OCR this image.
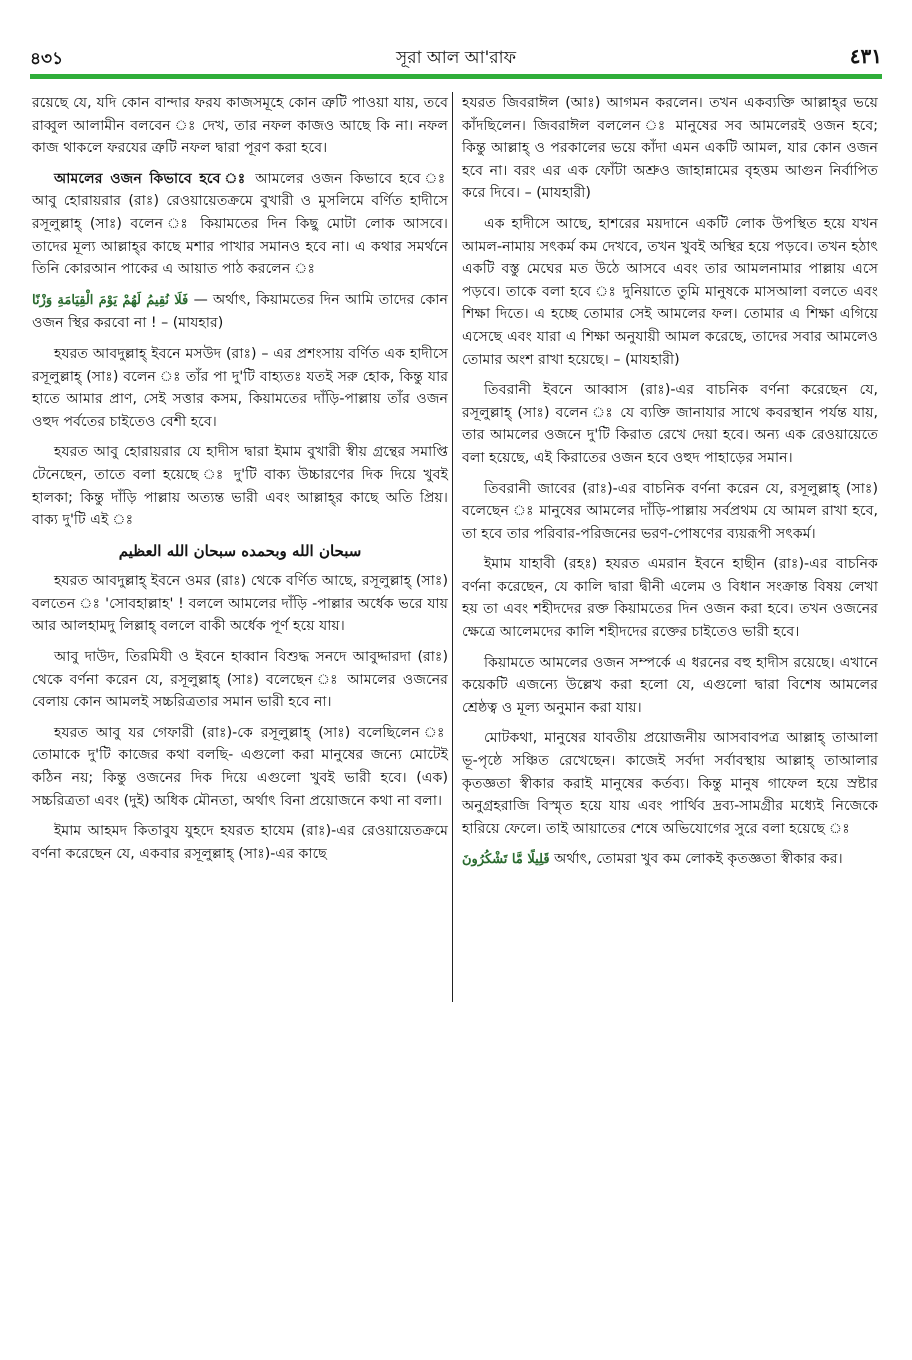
৪৩১	সূরা আল আ'রাফ	٤٣١

রয়েছে যে, যদি কোন বান্দার ফরয কাজসমূহে কোন ত্রুটি পাওয়া যায়, তবে রাব্বুল আলামীন বলবেন ঃ দেখ, তার নফল কাজও আছে কি না। নফল কাজ থাকলে ফরযের ত্রুটি নফল দ্বারা পূরণ করা হবে।

আমলের ওজন কিভাবে হবে ঃ আমলের ওজন কিভাবে হবে ঃ আবু হোরায়রার (রাঃ) রেওয়ায়েতক্রমে বুখারী ও মুসলিমে বর্ণিত হাদীসে রসূলুল্লাহ্ (সাঃ) বলেন ঃ কিয়ামতের দিন কিছু মোটা লোক আসবে। তাদের মূল্য আল্লাহ্‌র কাছে মশার পাখার সমানও হবে না। এ কথার সমর্থনে তিনি কোরআন পাকের এ আয়াত পাঠ করলেন ঃ

فَلَا نُقِيمُ لَهُمْ يَوْمَ الْقِيَامَةِ وَزْنًا — অর্থাৎ, কিয়ামতের দিন আমি তাদের কোন ওজন স্থির করবো না ! – (মাযহার)

হযরত আবদুল্লাহ্ ইবনে মসউদ (রাঃ) – এর প্রশংসায় বর্ণিত এক হাদীসে রসূলুল্লাহ্ (সাঃ) বলেন ঃ তাঁর পা দু'টি বাহ্যতঃ যতই সরু হোক, কিন্তু যার হাতে আমার প্রাণ, সেই সত্তার কসম, কিয়ামতের দাঁড়ি-পাল্লায় তাঁর ওজন ওহুদ পর্বতের চাইতেও বেশী হবে।

হযরত আবু হোরায়রার যে হাদীস দ্বারা ইমাম বুখারী স্বীয় গ্রন্থের সমাপ্তি টেনেছেন, তাতে বলা হয়েছে ঃ দু'টি বাক্য উচ্চারণের দিক দিয়ে খুবই হালকা; কিন্তু দাঁড়ি পাল্লায় অত্যন্ত ভারী এবং আল্লাহ্‌র কাছে অতি প্রিয়। বাক্য দু'টি এই ঃ

سبحان الله وبحمده سبحان الله العظيم

হযরত আবদুল্লাহ্ ইবনে ওমর (রাঃ) থেকে বর্ণিত আছে, রসূলুল্লাহ্ (সাঃ) বলতেন ঃ 'সোবহাল্লাহ' ! বললে আমলের দাঁড়ি -পাল্লার অর্ধেক ভরে যায় আর আলহামদু লিল্লাহ্ বললে বাকী অর্ধেক পূর্ণ হয়ে যায়।

আবু দাউদ, তিরমিযী ও ইবনে হাব্বান বিশুদ্ধ সনদে আবুদ্দারদা (রাঃ) থেকে বর্ণনা করেন যে, রসূলুল্লাহ্ (সাঃ) বলেছেন ঃ আমলের ওজনের বেলায় কোন আমলই সচ্চরিত্রতার সমান ভারী হবে না।

হযরত আবু যর গেফারী (রাঃ)-কে রসূলুল্লাহ্ (সাঃ) বলেছিলেন ঃ তোমাকে দু'টি কাজের কথা বলছি- এগুলো করা মানুষের জন্যে মোটেই কঠিন নয়; কিন্তু ওজনের দিক দিয়ে এগুলো খুবই ভারী হবে। (এক) সচ্চরিত্রতা এবং (দুই) অধিক মৌনতা, অর্থাৎ বিনা প্রয়োজনে কথা না বলা।

ইমাম আহমদ কিতাবুয যুহদে হযরত হাযেম (রাঃ)-এর রেওয়ায়েতক্রমে বর্ণনা করেছেন যে, একবার রসূলুল্লাহ্ (সাঃ)-এর কাছে

হযরত জিবরাঈল (আঃ) আগমন করলেন। তখন একব্যক্তি আল্লাহ্‌র ভয়ে কাঁদছিলেন। জিবরাঈল বললেন ঃ মানুষের সব আমলেরই ওজন হবে; কিন্তু আল্লাহ্ ও পরকালের ভয়ে কাঁদা এমন একটি আমল, যার কোন ওজন হবে না। বরং এর এক ফোঁটা অশ্রুও জাহান্নামের বৃহত্তম আগুন নির্বাপিত করে দিবে। – (মাযহারী)

এক হাদীসে আছে, হাশরের ময়দানে একটি লোক উপস্থিত হয়ে যখন আমল-নামায় সৎকর্ম কম দেখবে, তখন খুবই অস্থির হয়ে পড়বে। তখন হঠাৎ একটি বস্তু মেঘের মত উঠে আসবে এবং তার আমলনামার পাল্লায় এসে পড়বে। তাকে বলা হবে ঃ দুনিয়াতে তুমি মানুষকে মাসআলা বলতে এবং শিক্ষা দিতে। এ হচ্ছে তোমার সেই আমলের ফল। তোমার এ শিক্ষা এগিয়ে এসেছে এবং যারা এ শিক্ষা অনুযায়ী আমল করেছে, তাদের সবার আমলেও তোমার অংশ রাখা হয়েছে। – (মাযহারী)

তিবরানী ইবনে আব্বাস (রাঃ)-এর বাচনিক বর্ণনা করেছেন যে, রসূলুল্লাহ্ (সাঃ) বলেন ঃ যে ব্যক্তি জানাযার সাথে কবরস্থান পর্যন্ত যায়, তার আমলের ওজনে দু'টি কিরাত রেখে দেয়া হবে। অন্য এক রেওয়ায়েতে বলা হয়েছে, এই কিরাতের ওজন হবে ওহুদ পাহাড়ের সমান।

তিবরানী জাবের (রাঃ)-এর বাচনিক বর্ণনা করেন যে, রসূলুল্লাহ্ (সাঃ) বলেছেন ঃ মানুষের আমলের দাঁড়ি-পাল্লায় সর্বপ্রথম যে আমল রাখা হবে, তা হবে তার পরিবার-পরিজনের ভরণ-পোষণের ব্যয়রূপী সৎকর্ম।

ইমাম যাহাবী (রহঃ) হযরত এমরান ইবনে হাছীন (রাঃ)-এর বাচনিক বর্ণনা করেছেন, যে কালি দ্বারা দ্বীনী এলেম ও বিধান সংক্রান্ত বিষয় লেখা হয় তা এবং শহীদদের রক্ত কিয়ামতের দিন ওজন করা হবে। তখন ওজনের ক্ষেত্রে আলেমদের কালি শহীদদের রক্তের চাইতেও ভারী হবে।

কিয়ামতে আমলের ওজন সম্পর্কে এ ধরনের বহু হাদীস রয়েছে। এখানে কয়েকটি এজন্যে উল্লেখ করা হলো যে, এগুলো দ্বারা বিশেষ আমলের শ্রেষ্ঠত্ব ও মূল্য অনুমান করা যায়।

মোটকথা, মানুষের যাবতীয় প্রয়োজনীয় আসবাবপত্র আল্লাহ্ তাআলা ভূ-পৃষ্ঠে সঞ্চিত রেখেছেন। কাজেই সর্বদা সর্বাবস্থায় আল্লাহ্ তাআলার কৃতজ্ঞতা স্বীকার করাই মানুষের কর্তব্য। কিন্তু মানুষ গাফেল হয়ে স্রষ্টার অনুগ্রহরাজি বিস্মৃত হয়ে যায় এবং পার্থিব দ্রব্য-সামগ্রীর মধ্যেই নিজেকে হারিয়ে ফেলে। তাই আয়াতের শেষে অভিযোগের সুরে বলা হয়েছে ঃ

قَلِيلًا مَّا تَشْكُرُونَ অর্থাৎ, তোমরা খুব কম লোকই কৃতজ্ঞতা স্বীকার কর।
